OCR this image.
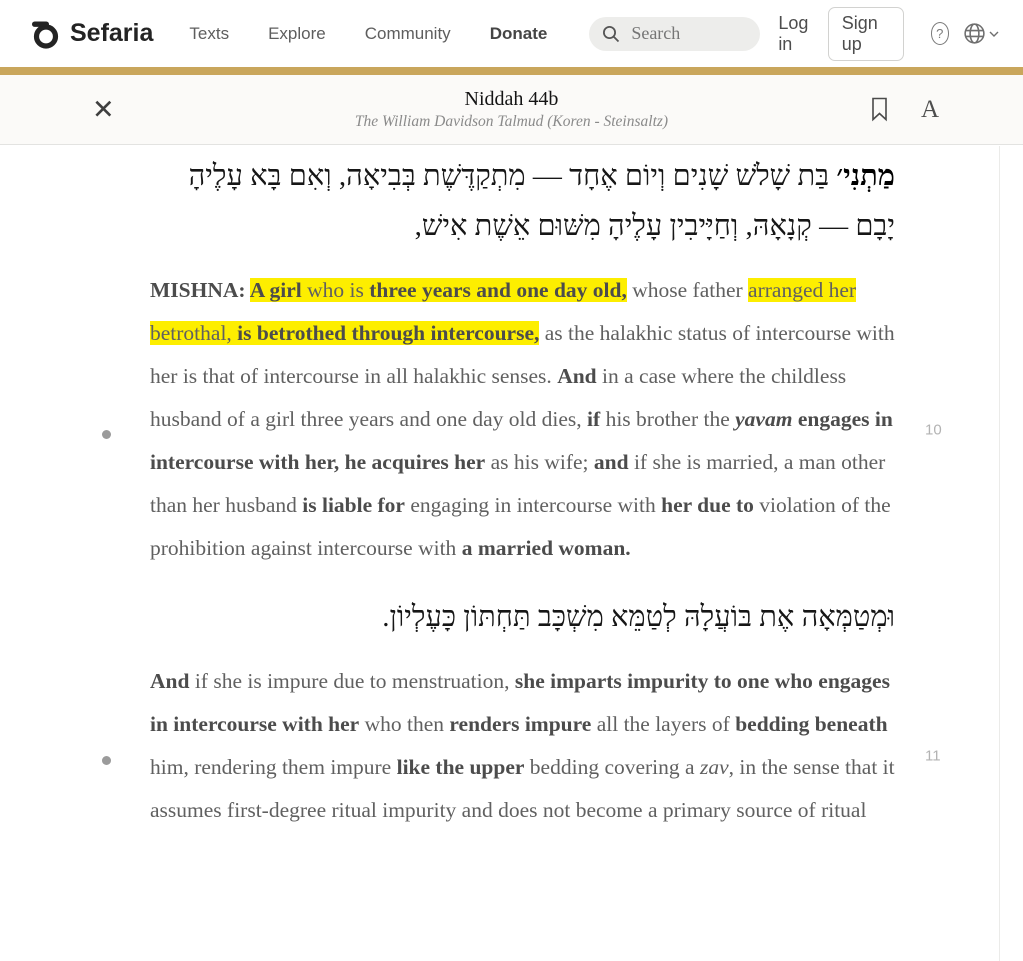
Sefaria Texts Explore Community Donate
Search
Log in
Sign up	?
✕	Niddah 44b
The William Davidson Talmud (Koren - Steinsaltz)	A

מַתְנִי׳ בַּת שָׁלֹשׁ שָׁנִים וְיוֹם אֶחָד — מִתְקַדֶּשֶׁת בְּבִיאָה, וְאִם בָּא עָלֶיהָ יָבָם — קְנָאָהּ, וְחַיָּיבִין עָלֶיהָ מִשּׁוּם אֵשֶׁת אִישׁ,

MISHNA: A girl who is three years and one day old, whose father arranged her betrothal, is betrothed through intercourse, as the halakhic status of intercourse with her is that of intercourse in all halakhic senses. And in a case where the childless husband of a girl three years and one day old dies, if his brother the yavam engages in intercourse with her, he acquires her as his wife; and if she is married, a man other than her husband is liable for engaging in intercourse with her due to violation of the prohibition against intercourse with a married woman.

10

וּמְטַמְּאָה אֶת בּוֹעֲלָהּ לְטַמֵּא מִשְׁכָּב תַּחְתּוֹן כָּעֶלְיוֹן.

And if she is impure due to menstruation, she imparts impurity to one who engages in intercourse with her who then renders impure all the layers of bedding beneath him, rendering them impure like the upper bedding covering a zav, in the sense that it assumes first-degree ritual impurity and does not become a primary source of ritual

11
